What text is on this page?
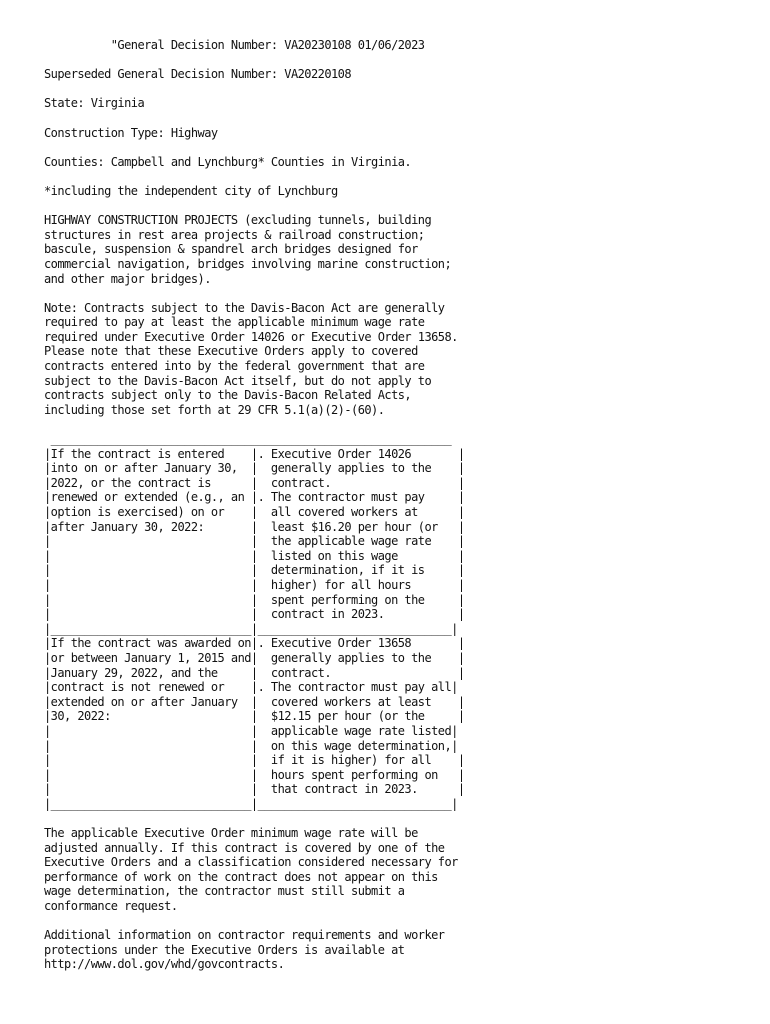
"General Decision Number: VA20230108 01/06/2023
Superseded General Decision Number: VA20220108
State: Virginia
Construction Type: Highway
Counties: Campbell and Lynchburg* Counties in Virginia.
*including the independent city of Lynchburg
HIGHWAY CONSTRUCTION PROJECTS (excluding tunnels, building
structures in rest area projects & railroad construction;
bascule, suspension & spandrel arch bridges designed for
commercial navigation, bridges involving marine construction;
and other major bridges).
Note: Contracts subject to the Davis-Bacon Act are generally
required to pay at least the applicable minimum wage rate
required under Executive Order 14026 or Executive Order 13658.
Please note that these Executive Orders apply to covered
contracts entered into by the federal government that are
subject to the Davis-Bacon Act itself, but do not apply to
contracts subject only to the Davis-Bacon Related Acts,
including those set forth at 29 CFR 5.1(a)(2)-(60).
____________________________________________________________
|If the contract is entered    |. Executive Order 14026       |
|into on or after January 30,  |  generally applies to the    |
|2022, or the contract is      |  contract.                   |
|renewed or extended (e.g., an |. The contractor must pay     |
|option is exercised) on or    |  all covered workers at      |
|after January 30, 2022:       |  least $16.20 per hour (or   |
|                              |  the applicable wage rate    |
|                              |  listed on this wage         |
|                              |  determination, if it is     |
|                              |  higher) for all hours       |
|                              |  spent performing on the     |
|                              |  contract in 2023.           |
|______________________________|_____________________________|
|If the contract was awarded on|. Executive Order 13658       |
|or between January 1, 2015 and|  generally applies to the    |
|January 29, 2022, and the     |  contract.                   |
|contract is not renewed or    |. The contractor must pay all|
|extended on or after January  |  covered workers at least    |
|30, 2022:                     |  $12.15 per hour (or the     |
|                              |  applicable wage rate listed|
|                              |  on this wage determination,|
|                              |  if it is higher) for all    |
|                              |  hours spent performing on   |
|                              |  that contract in 2023.      |
|______________________________|_____________________________|
The applicable Executive Order minimum wage rate will be
adjusted annually. If this contract is covered by one of the
Executive Orders and a classification considered necessary for
performance of work on the contract does not appear on this
wage determination, the contractor must still submit a
conformance request.
Additional information on contractor requirements and worker
protections under the Executive Orders is available at
http://www.dol.gov/whd/govcontracts.
